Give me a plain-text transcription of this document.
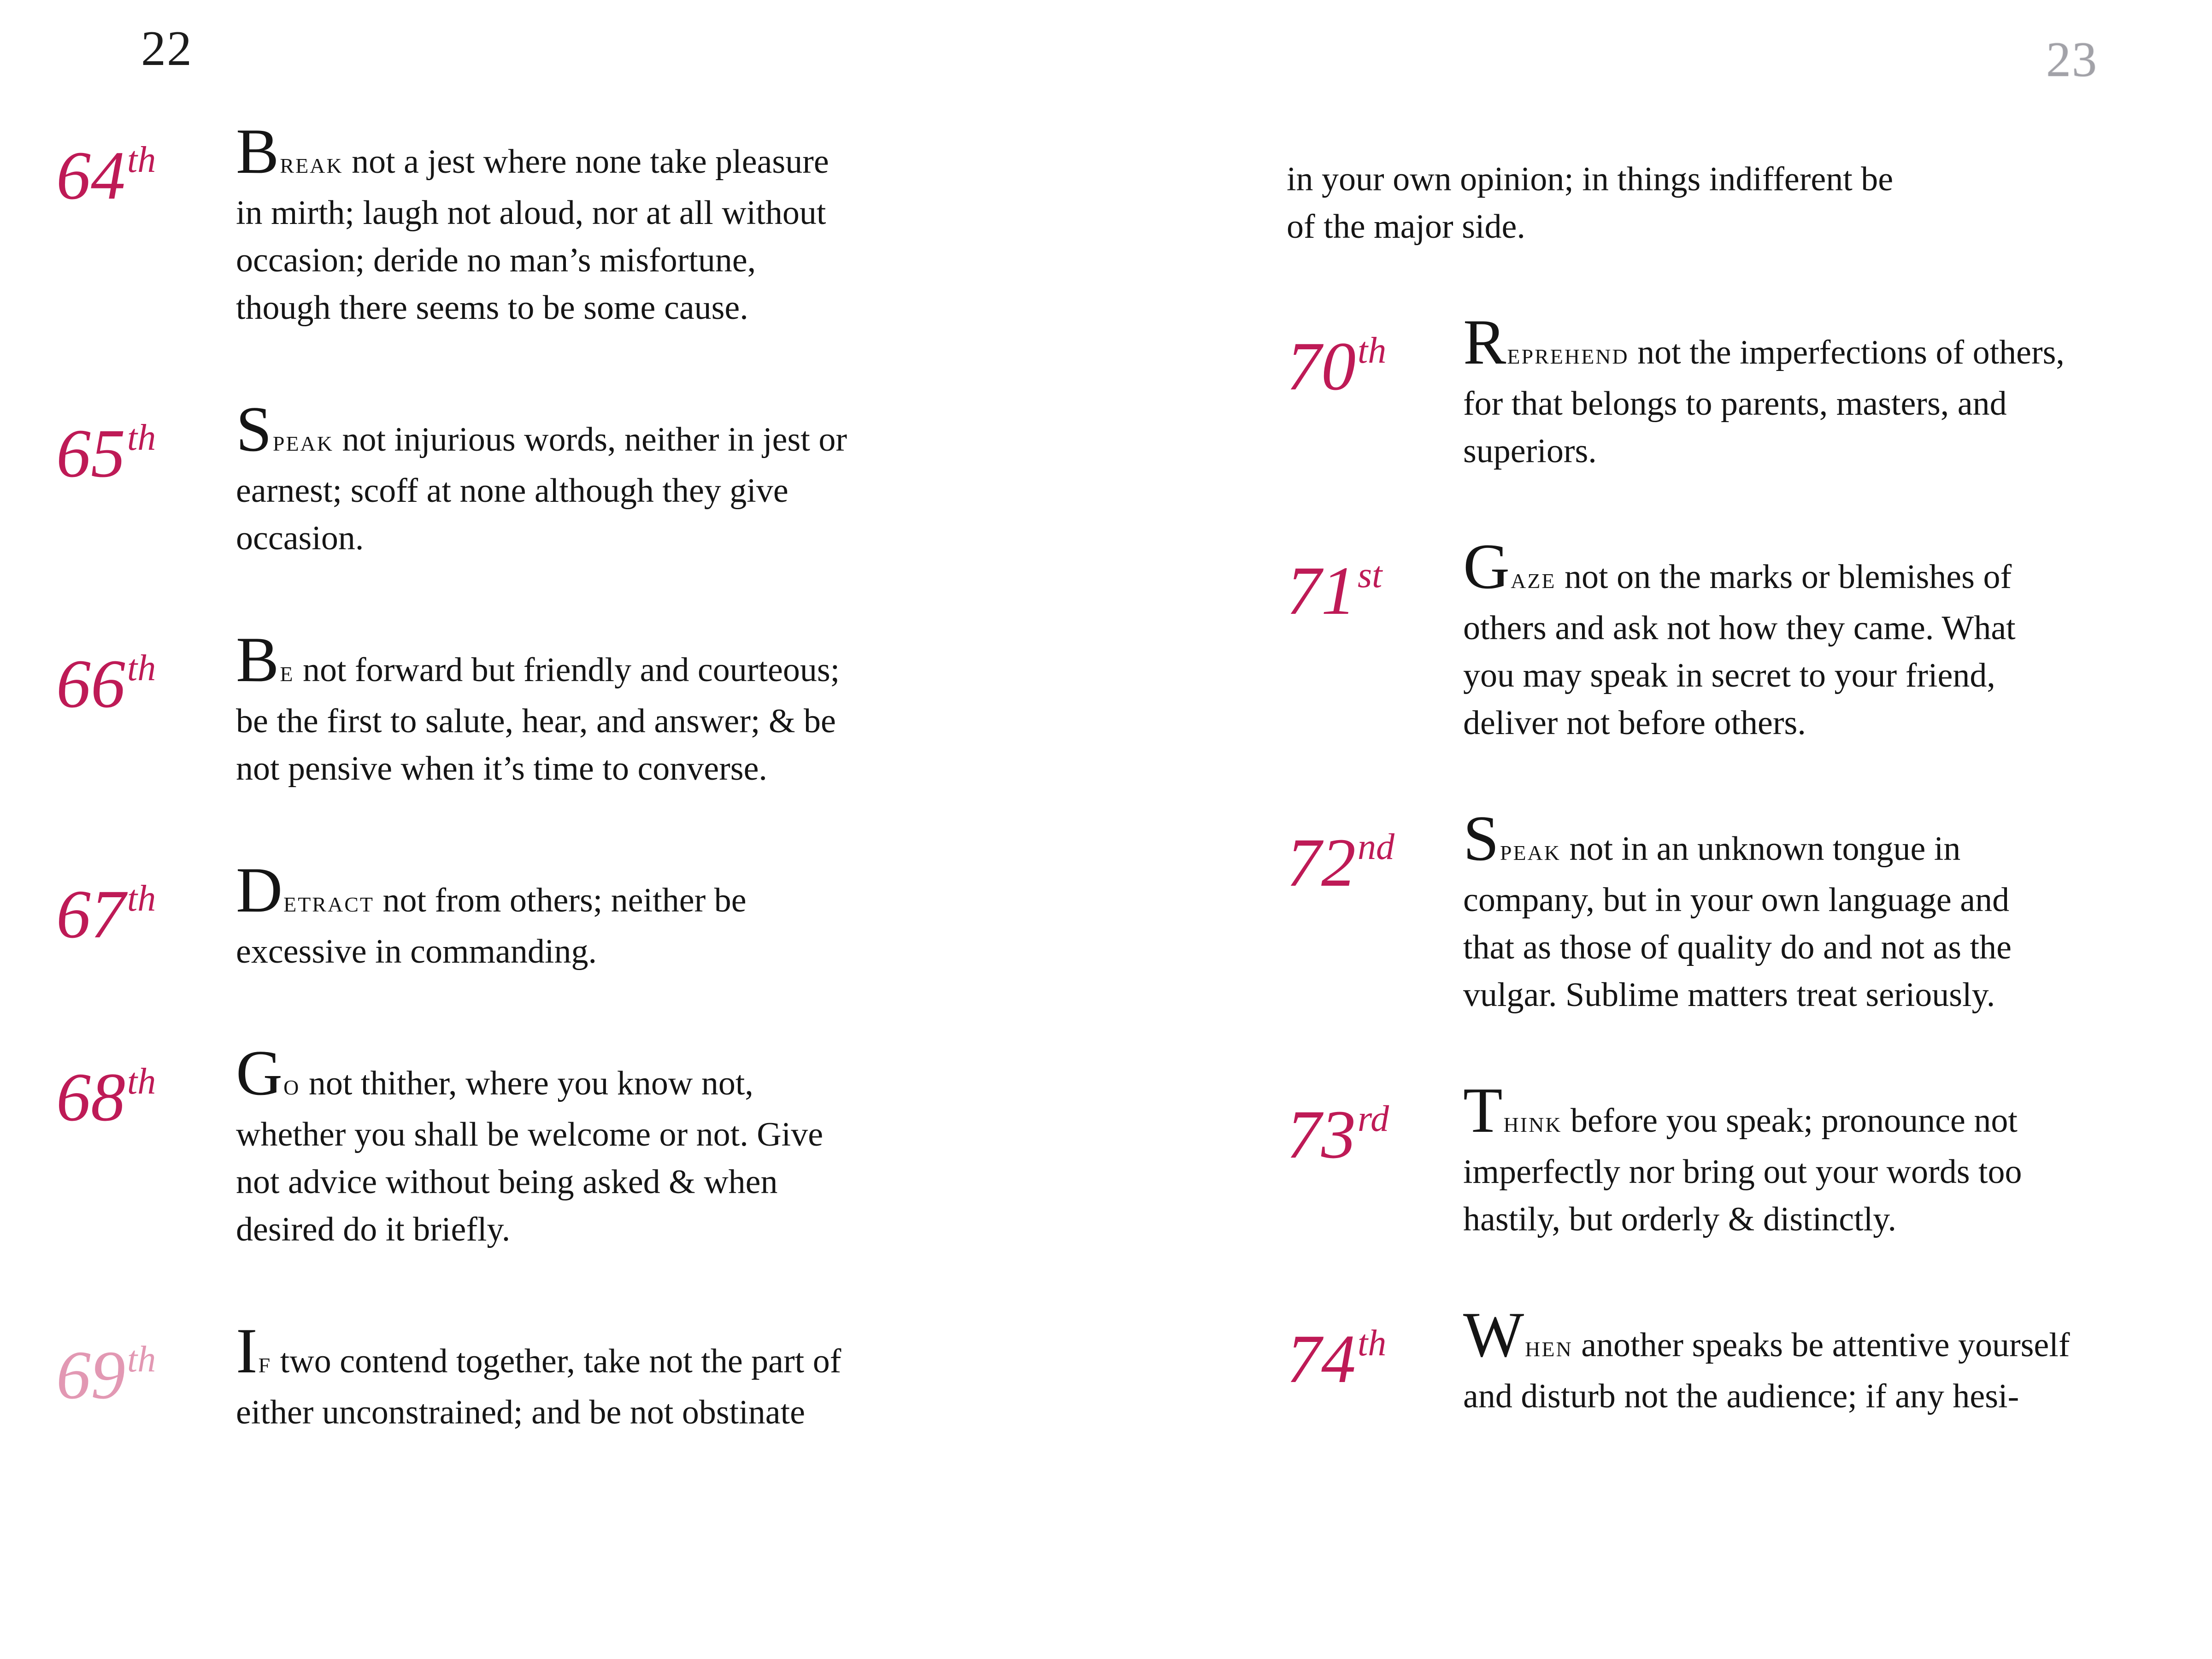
22
64th	BREAK not a jest where none take pleasure
in mirth; laugh not aloud, nor at all without
occasion; deride no man’s misfortune,
though there seems to be some cause.
65th	SPEAK not injurious words, neither in jest or
earnest; scoff at none although they give
occasion.
66th	BE not forward but friendly and courteous;
be the first to salute, hear, and answer; & be
not pensive when it’s time to converse.
67th	DETRACT not from others; neither be
excessive in commanding.
68th	GO not thither, where you know not,
whether you shall be welcome or not. Give
not advice without being asked & when
desired do it briefly.
69th	IF two contend together, take not the part of
either unconstrained; and be not obstinate
23
in your own opinion; in things indifferent be
of the major side.
70th	REPREHEND not the imperfections of others,
for that belongs to parents, masters, and
superiors.
71st	GAZE not on the marks or blemishes of
others and ask not how they came. What
you may speak in secret to your friend,
deliver not before others.
72nd	SPEAK not in an unknown tongue in
company, but in your own language and
that as those of quality do and not as the
vulgar. Sublime matters treat seriously.
73rd	THINK before you speak; pronounce not
imperfectly nor bring out your words too
hastily, but orderly & distinctly.
74th	WHEN another speaks be attentive yourself
and disturb not the audience; if any hesi-
